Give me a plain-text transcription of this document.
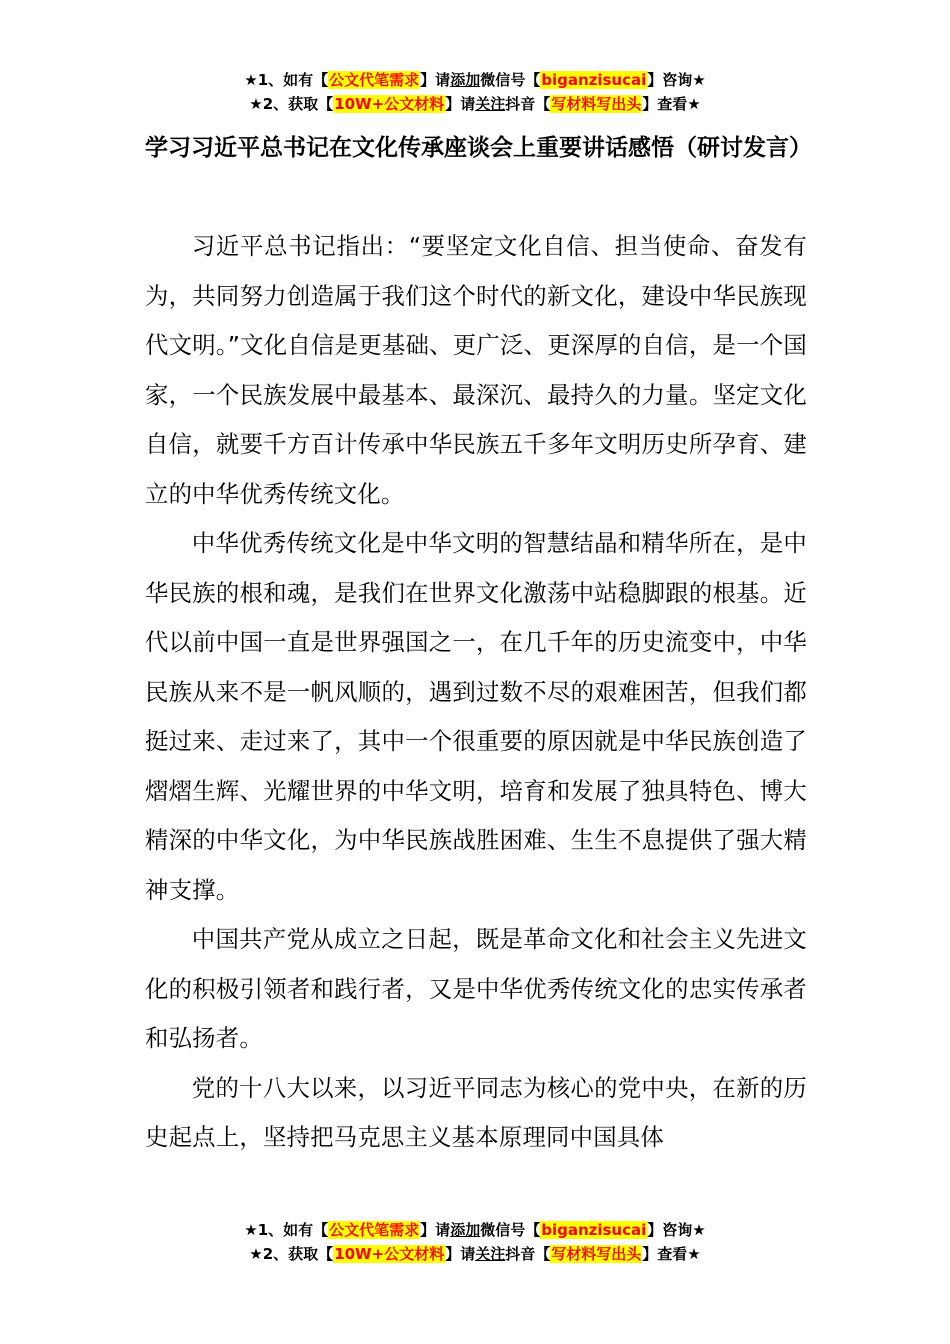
★1、如有【公文代笔需求】请添加微信号【biganzisucai】咨询★
★2、获取【10W+公文材料】请关注抖音【写材料写出头】查看★
学习习近平总书记在文化传承座谈会上重要讲话感悟（研讨发言）

习近平总书记指出：“要坚定文化自信、担当使命、奋发有为，共同努力创造属于我们这个时代的新文化，建设中华民族现代文明。”文化自信是更基础、更广泛、更深厚的自信，是一个国家，一个民族发展中最基本、最深沉、最持久的力量。坚定文化自信，就要千方百计传承中华民族五千多年文明历史所孕育、建立的中华优秀传统文化。

中华优秀传统文化是中华文明的智慧结晶和精华所在，是中华民族的根和魂，是我们在世界文化激荡中站稳脚跟的根基。近代以前中国一直是世界强国之一，在几千年的历史流变中，中华民族从来不是一帆风顺的，遇到过数不尽的艰难困苦，但我们都挺过来、走过来了，其中一个很重要的原因就是中华民族创造了熠熠生辉、光耀世界的中华文明，培育和发展了独具特色、博大精深的中华文化，为中华民族战胜困难、生生不息提供了强大精神支撑。

中国共产党从成立之日起，既是革命文化和社会主义先进文化的积极引领者和践行者，又是中华优秀传统文化的忠实传承者和弘扬者。

党的十八大以来，以习近平同志为核心的党中央，在新的历史起点上，坚持把马克思主义基本原理同中国具体

★1、如有【公文代笔需求】请添加微信号【biganzisucai】咨询★
★2、获取【10W+公文材料】请关注抖音【写材料写出头】查看★
